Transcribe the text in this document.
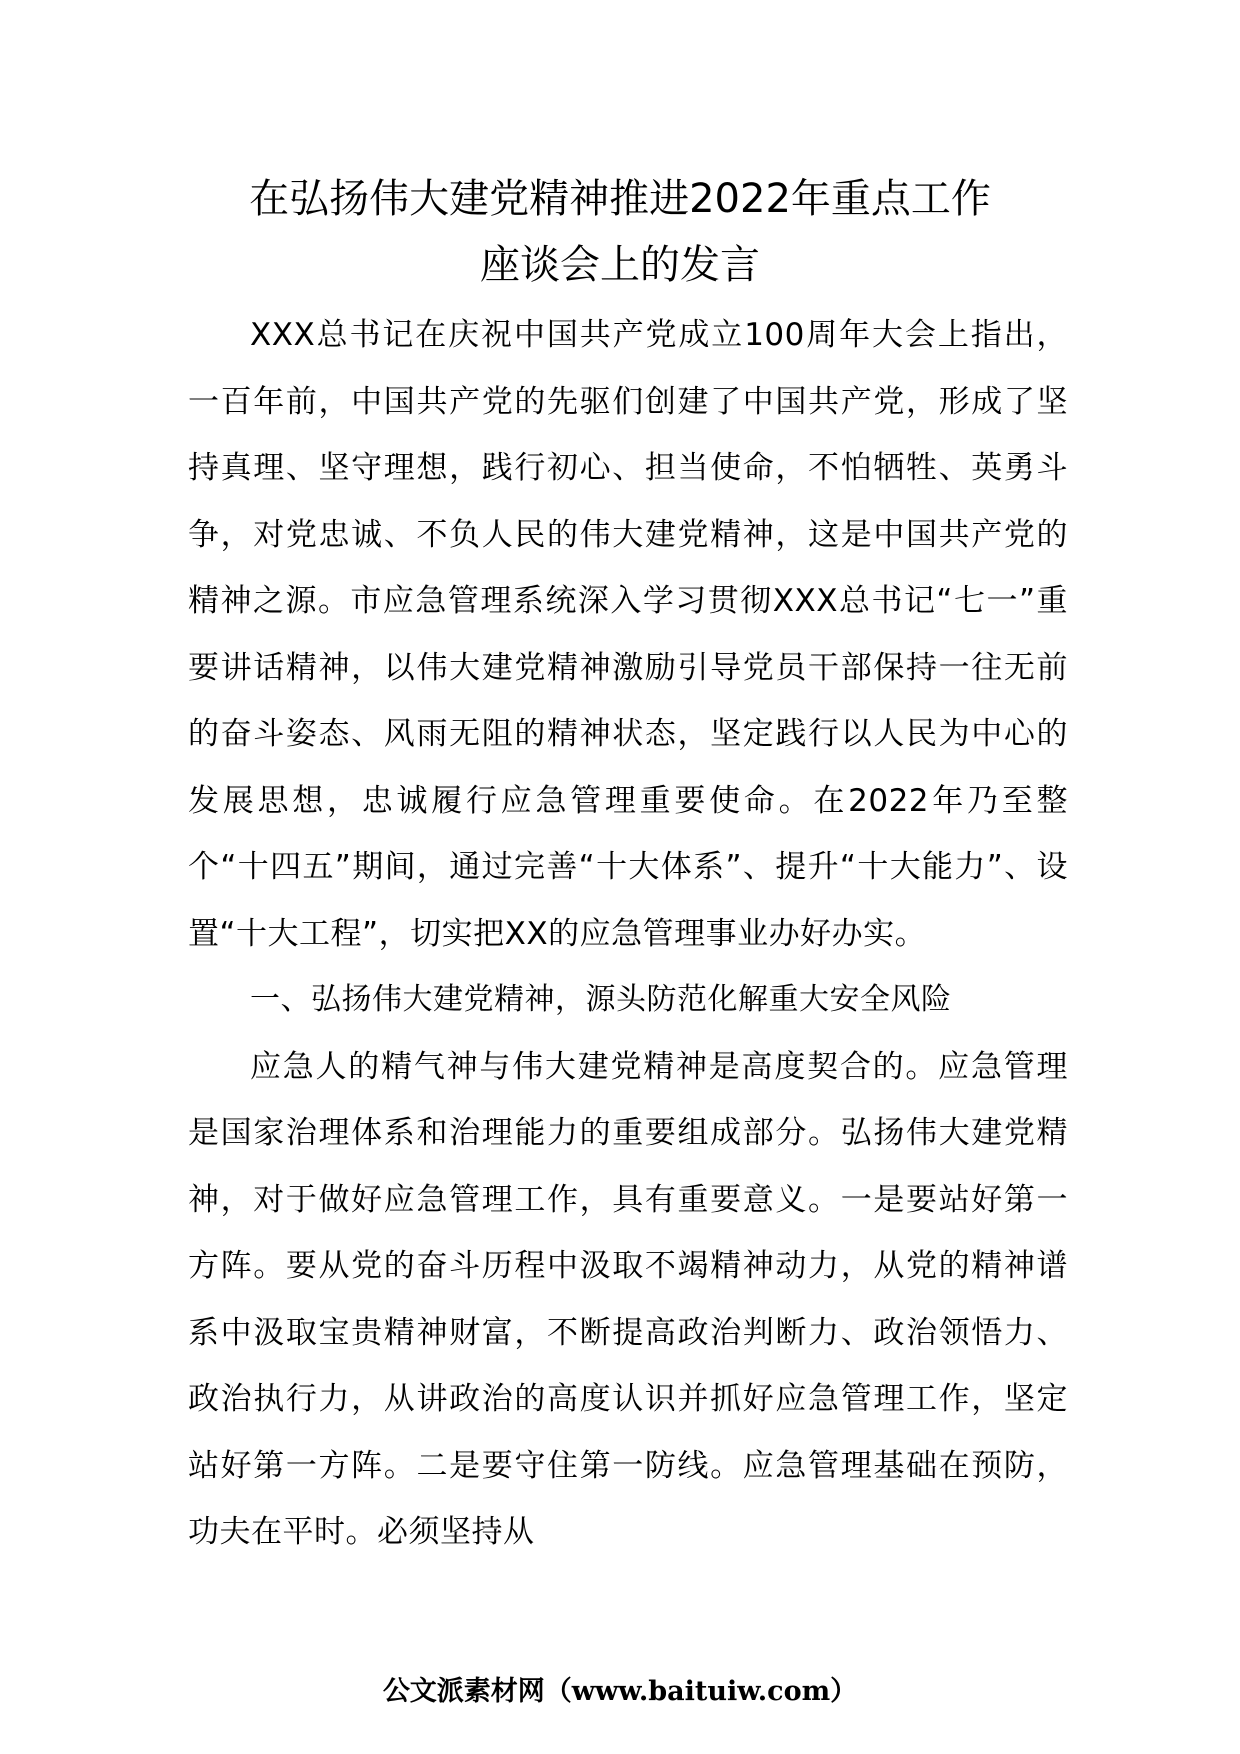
在弘扬伟大建党精神推进2022年重点工作
座谈会上的发言

XXX总书记在庆祝中国共产党成立100周年大会上指出，一百年前，中国共产党的先驱们创建了中国共产党，形成了坚持真理、坚守理想，践行初心、担当使命，不怕牺牲、英勇斗争，对党忠诚、不负人民的伟大建党精神，这是中国共产党的精神之源。市应急管理系统深入学习贯彻XXX总书记“七一”重要讲话精神，以伟大建党精神激励引导党员干部保持一往无前的奋斗姿态、风雨无阻的精神状态，坚定践行以人民为中心的发展思想，忠诚履行应急管理重要使命。在2022年乃至整个“十四五”期间，通过完善“十大体系”、提升“十大能力”、设置“十大工程”，切实把XX的应急管理事业办好办实。

一、弘扬伟大建党精神，源头防范化解重大安全风险

应急人的精气神与伟大建党精神是高度契合的。应急管理是国家治理体系和治理能力的重要组成部分。弘扬伟大建党精神，对于做好应急管理工作，具有重要意义。一是要站好第一方阵。要从党的奋斗历程中汲取不竭精神动力，从党的精神谱系中汲取宝贵精神财富，不断提高政治判断力、政治领悟力、政治执行力，从讲政治的高度认识并抓好应急管理工作，坚定站好第一方阵。二是要守住第一防线。应急管理基础在预防，功夫在平时。必须坚持从

公文派素材网（www.baituiw.com）
